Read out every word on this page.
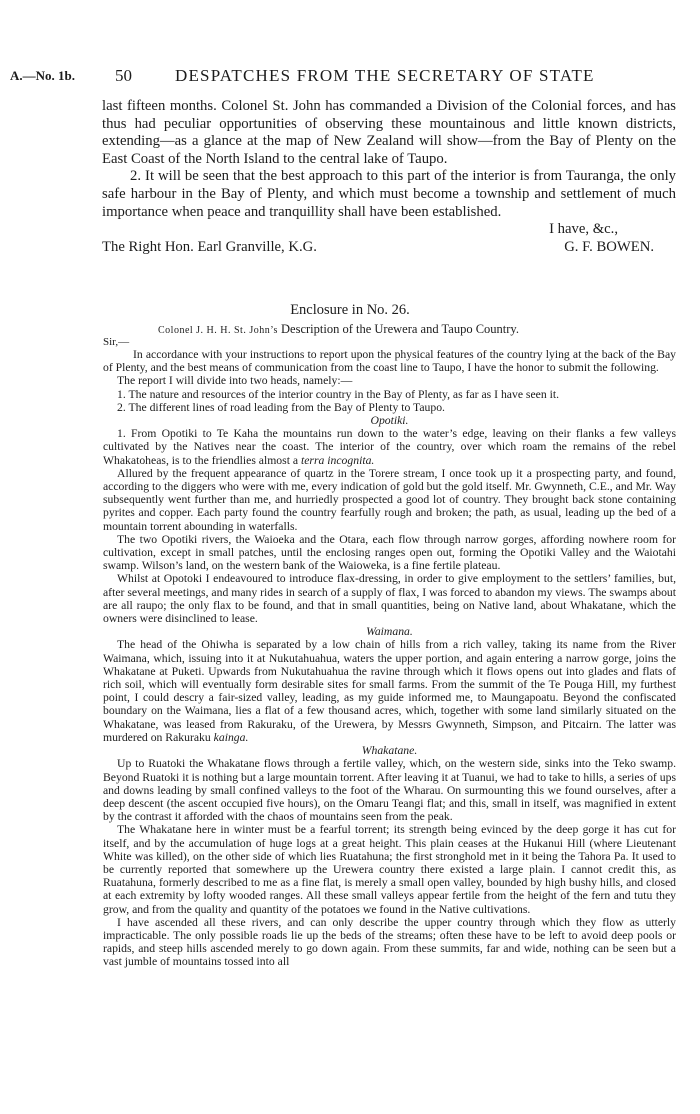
A.—No. 1b. 50	DESPATCHES FROM THE SECRETARY OF STATE

last fifteen months. Colonel St. John has commanded a Division of the Colonial forces, and has thus had peculiar opportunities of observing these mountainous and little known districts, extending—as a glance at the map of New Zealand will show—from the Bay of Plenty on the East Coast of the North Island to the central lake of Taupo.

2. It will be seen that the best approach to this part of the interior is from Tauranga, the only safe harbour in the Bay of Plenty, and which must become a township and settlement of much importance when peace and tranquillity shall have been established.

I have, &c.,

The Right Hon. Earl Granville, K.G.	G. F. BOWEN.
Enclosure in No. 26.
Colonel J. H. H. St. John’s Description of the Urewera and Taupo Country.
Sir,—

In accordance with your instructions to report upon the physical features of the country lying at the back of the Bay of Plenty, and the best means of communication from the coast line to Taupo, I have the honor to submit the following.

The report I will divide into two heads, namely:—

1. The nature and resources of the interior country in the Bay of Plenty, as far as I have seen it.

2. The different lines of road leading from the Bay of Plenty to Taupo.

Opotiki.

1. From Opotiki to Te Kaha the mountains run down to the water’s edge, leaving on their flanks a few valleys cultivated by the Natives near the coast. The interior of the country, over which roam the remains of the rebel Whakatoheas, is to the friendlies almost a terra incognita.

Allured by the frequent appearance of quartz in the Torere stream, I once took up it a prospecting party, and found, according to the diggers who were with me, every indication of gold but the gold itself. Mr. Gwynneth, C.E., and Mr. Way subsequently went further than me, and hurriedly prospected a good lot of country. They brought back stone containing pyrites and copper. Each party found the country fearfully rough and broken; the path, as usual, leading up the bed of a mountain torrent abounding in waterfalls.

The two Opotiki rivers, the Waioeka and the Otara, each flow through narrow gorges, affording nowhere room for cultivation, except in small patches, until the enclosing ranges open out, forming the Opotiki Valley and the Waiotahi swamp. Wilson’s land, on the western bank of the Waioweka, is a fine fertile plateau.

Whilst at Opotoki I endeavoured to introduce flax-dressing, in order to give employment to the settlers’ families, but, after several meetings, and many rides in search of a supply of flax, I was forced to abandon my views. The swamps about are all raupo; the only flax to be found, and that in small quantities, being on Native land, about Whakatane, which the owners were disinclined to lease.

Waimana.

The head of the Ohiwha is separated by a low chain of hills from a rich valley, taking its name from the River Waimana, which, issuing into it at Nukutahuahua, waters the upper portion, and again entering a narrow gorge, joins the Whakatane at Puketi. Upwards from Nukutahuahua the ravine through which it flows opens out into glades and flats of rich soil, which will eventually form desirable sites for small farms. From the summit of the Te Pouga Hill, my furthest point, I could descry a fair-sized valley, leading, as my guide informed me, to Maungapoatu. Beyond the confiscated boundary on the Waimana, lies a flat of a few thousand acres, which, together with some land similarly situated on the Whakatane, was leased from Rakuraku, of the Urewera, by Messrs Gwynneth, Simpson, and Pitcairn. The latter was murdered on Rakuraku kainga.

Whakatane.

Up to Ruatoki the Whakatane flows through a fertile valley, which, on the western side, sinks into the Teko swamp. Beyond Ruatoki it is nothing but a large mountain torrent. After leaving it at Tuanui, we had to take to hills, a series of ups and downs leading by small confined valleys to the foot of the Wharau. On surmounting this we found ourselves, after a deep descent (the ascent occupied five hours), on the Omaru Teangi flat; and this, small in itself, was magnified in extent by the contrast it afforded with the chaos of mountains seen from the peak.

The Whakatane here in winter must be a fearful torrent; its strength being evinced by the deep gorge it has cut for itself, and by the accumulation of huge logs at a great height. This plain ceases at the Hukanui Hill (where Lieutenant White was killed), on the other side of which lies Ruatahuna; the first stronghold met in it being the Tahora Pa. It used to be currently reported that somewhere up the Urewera country there existed a large plain. I cannot credit this, as Ruatahuna, formerly described to me as a fine flat, is merely a small open valley, bounded by high bushy hills, and closed at each extremity by lofty wooded ranges. All these small valleys appear fertile from the height of the fern and tutu they grow, and from the quality and quantity of the potatoes we found in the Native cultivations.

I have ascended all these rivers, and can only describe the upper country through which they flow as utterly impracticable. The only possible roads lie up the beds of the streams; often these have to be left to avoid deep pools or rapids, and steep hills ascended merely to go down again. From these summits, far and wide, nothing can be seen but a vast jumble of mountains tossed into all
